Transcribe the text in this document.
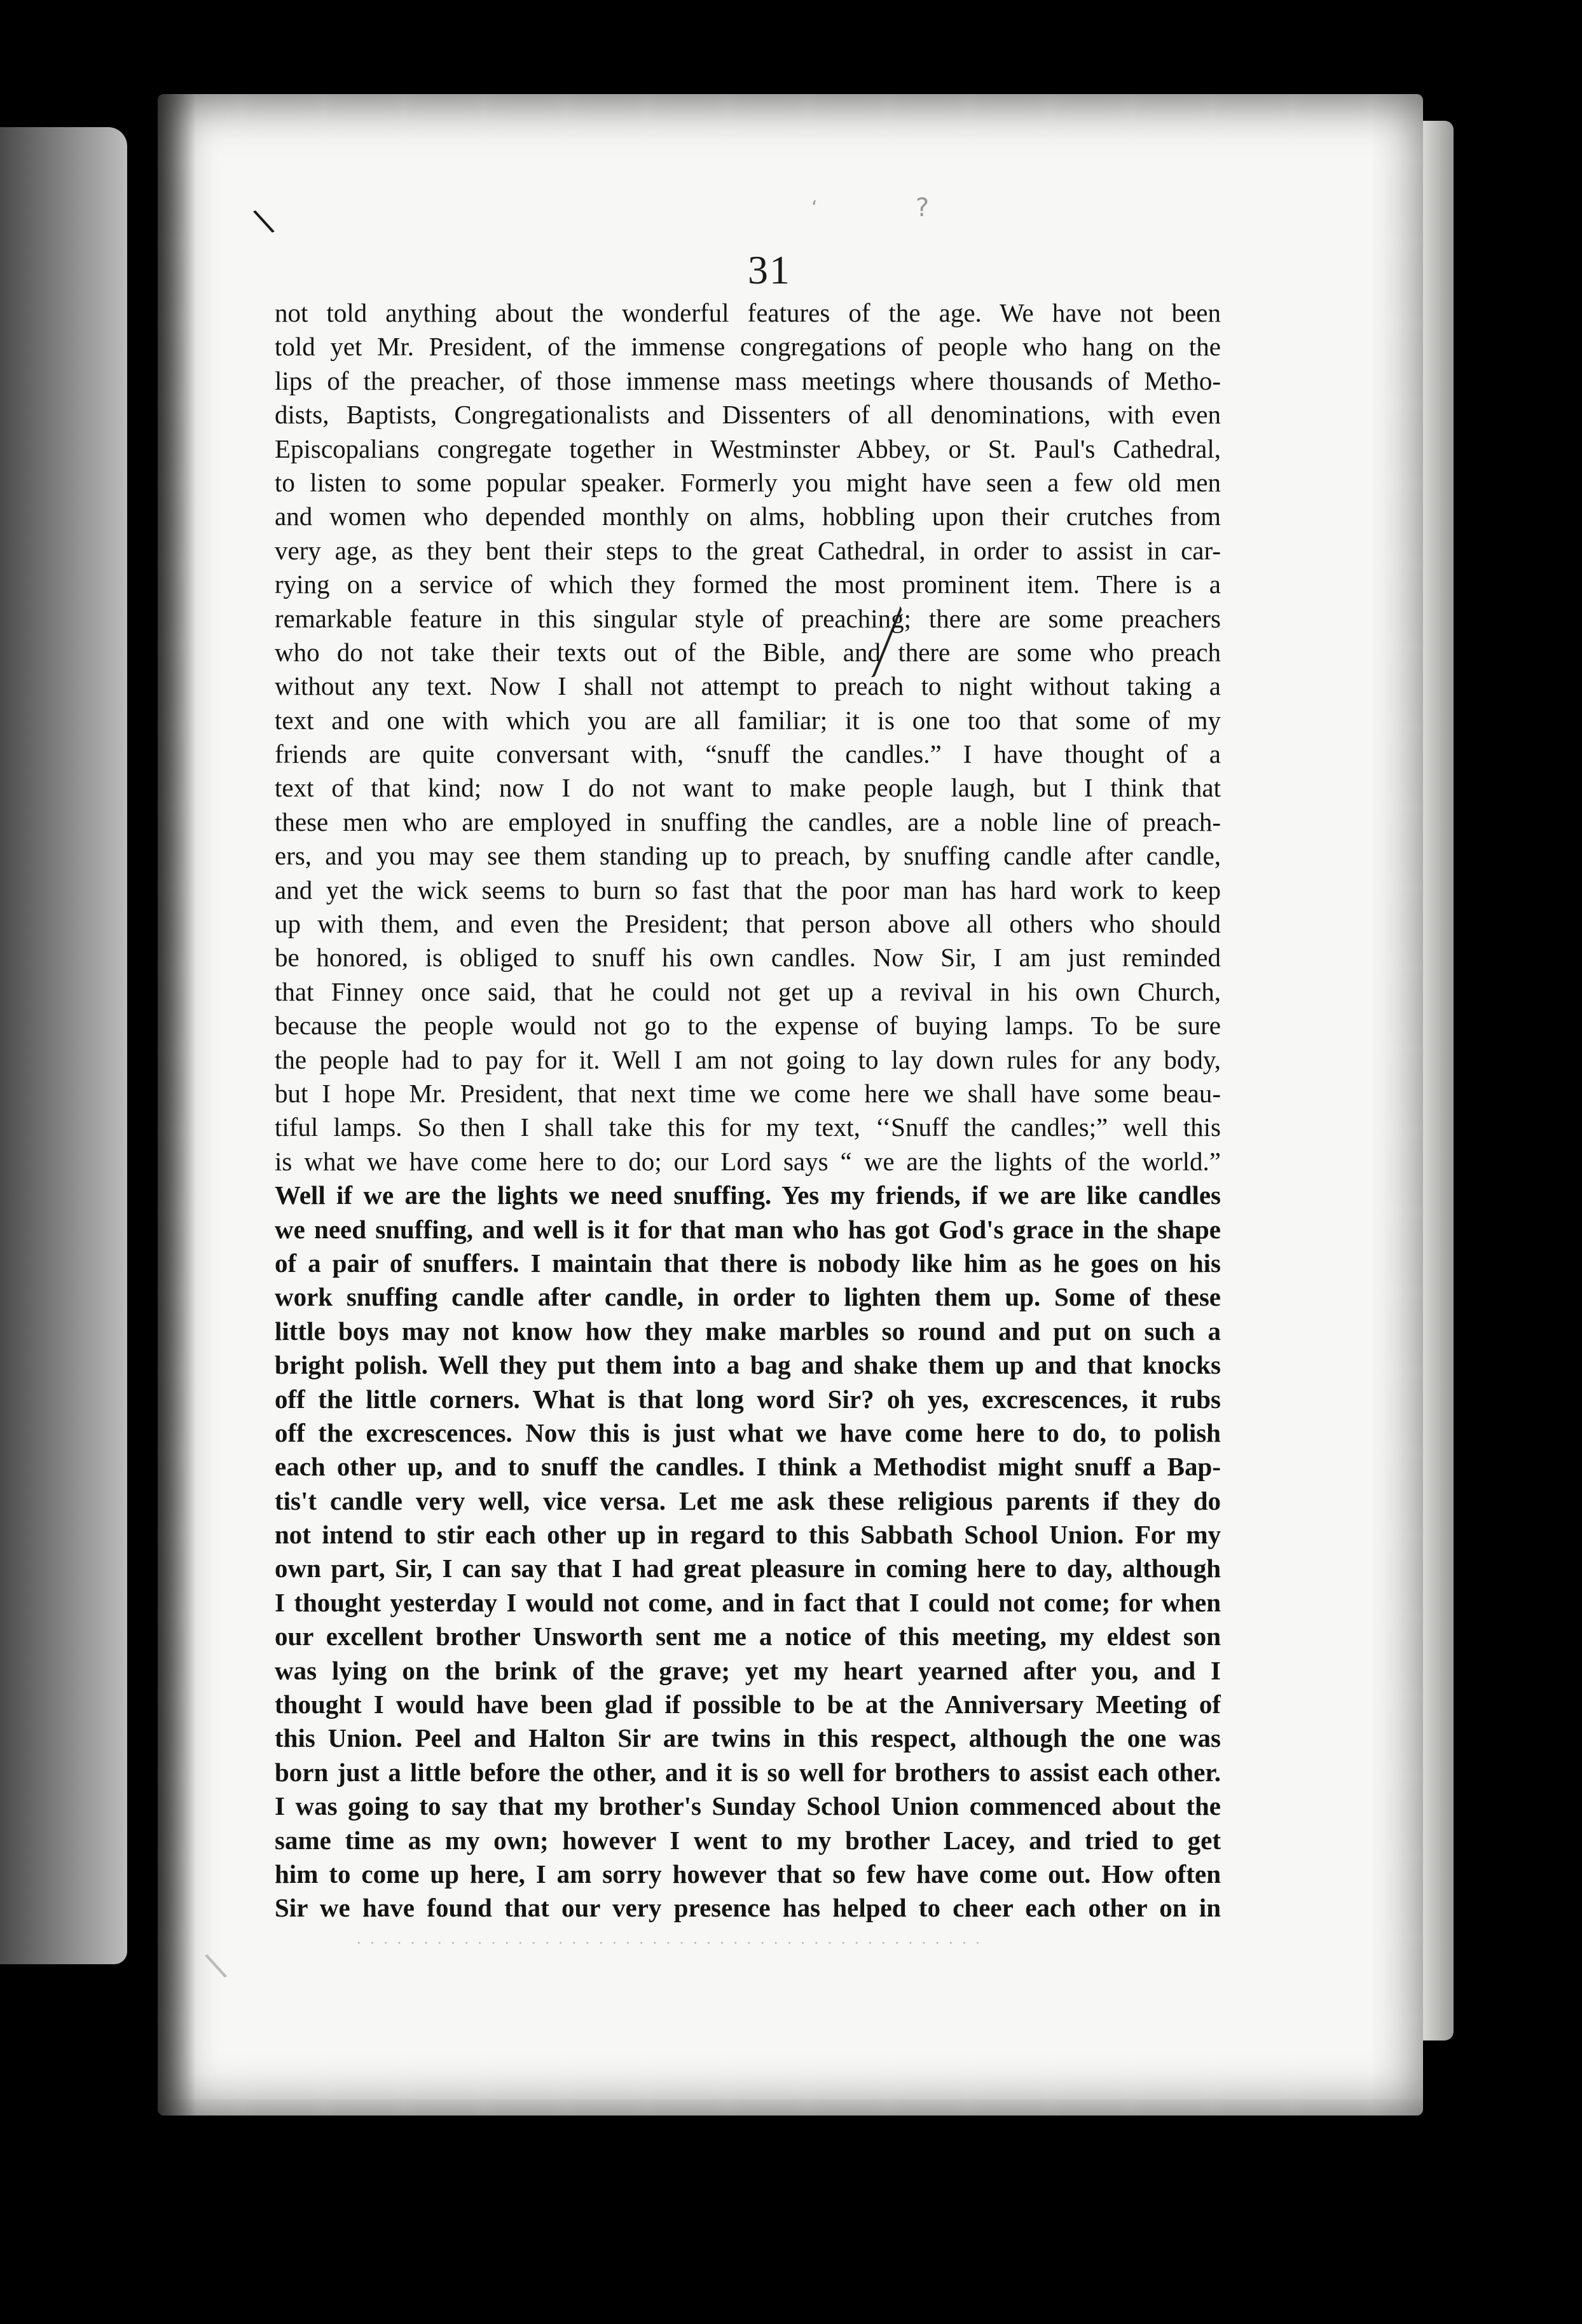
\	‘	?
\
31
not told anything about the wonderful features of the age. We have not been
told yet Mr. President, of the immense congregations of people who hang on the
lips of the preacher, of those immense mass meetings where thousands of Metho-
dists, Baptists, Congregationalists and Dissenters of all denominations, with even
Episcopalians congregate together in Westminster Abbey, or St. Paul's Cathedral,
to listen to some popular speaker. Formerly you might have seen a few old men
and women who depended monthly on alms, hobbling upon their crutches from
very age, as they bent their steps to the great Cathedral, in order to assist in car-
rying on a service of which they formed the most prominent item. There is a
remarkable feature in this singular style of preaching; there are some preachers
who do not take their texts out of the Bible, and there are some who preach
without any text. Now I shall not attempt to preach to night without taking a
text and one with which you are all familiar; it is one too that some of my
friends are quite conversant with, “snuff the candles.” I have thought of a
text of that kind; now I do not want to make people laugh, but I think that
these men who are employed in snuffing the candles, are a noble line of preach-
ers, and you may see them standing up to preach, by snuffing candle after candle,
and yet the wick seems to burn so fast that the poor man has hard work to keep
up with them, and even the President; that person above all others who should
be honored, is obliged to snuff his own candles. Now Sir, I am just reminded
that Finney once said, that he could not get up a revival in his own Church,
because the people would not go to the expense of buying lamps. To be sure
the people had to pay for it. Well I am not going to lay down rules for any body,
but I hope Mr. President, that next time we come here we shall have some beau-
tiful lamps. So then I shall take this for my text, ‘‘Snuff the candles;” well this
is what we have come here to do; our Lord says “ we are the lights of the world.”
Well if we are the lights we need snuffing. Yes my friends, if we are like candles
we need snuffing, and well is it for that man who has got God's grace in the shape
of a pair of snuffers. I maintain that there is nobody like him as he goes on his
work snuffing candle after candle, in order to lighten them up. Some of these
little boys may not know how they make marbles so round and put on such a
bright polish. Well they put them into a bag and shake them up and that knocks
off the little corners. What is that long word Sir? oh yes, excrescences, it rubs
off the excrescences. Now this is just what we have come here to do, to polish
each other up, and to snuff the candles. I think a Methodist might snuff a Bap-
tis't candle very well, vice versa. Let me ask these religious parents if they do
not intend to stir each other up in regard to this Sabbath School Union. For my
own part, Sir, I can say that I had great pleasure in coming here to day, although
I thought yesterday I would not come, and in fact that I could not come; for when
our excellent brother Unsworth sent me a notice of this meeting, my eldest son
was lying on the brink of the grave; yet my heart yearned after you, and I
thought I would have been glad if possible to be at the Anniversary Meeting of
this Union. Peel and Halton Sir are twins in this respect, although the one was
born just a little before the other, and it is so well for brothers to assist each other.
I was going to say that my brother's Sunday School Union commenced about the
same time as my own; however I went to my brother Lacey, and tried to get
him to come up here, I am sorry however that so few have come out. How often
Sir we have found that our very presence has helped to cheer each other on in
· · · · · · · · · · · · · · · · · · · · · · · · · · · · · · · · · · · · · · · · · · · · · · ·
